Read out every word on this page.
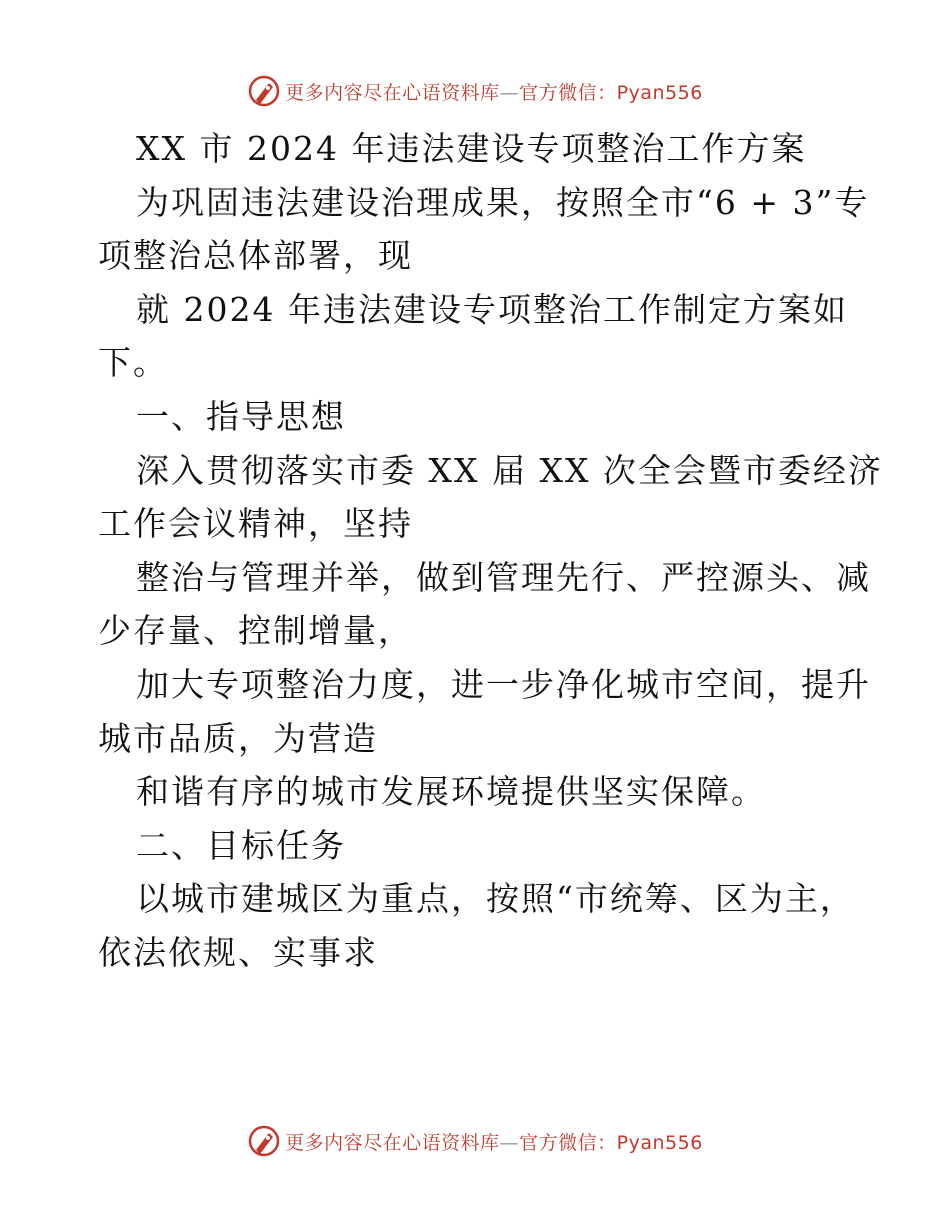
更多内容尽在心语资料库—官方微信：Pyan556
XX 市 2024 年违法建设专项整治工作方案
为巩固违法建设治理成果，按照全市“6 + 3”专
项整治总体部署，现
就 2024 年违法建设专项整治工作制定方案如
下。
一、指导思想
深入贯彻落实市委 XX 届 XX 次全会暨市委经济
工作会议精神，坚持
整治与管理并举，做到管理先行、严控源头、减
少存量、控制增量，
加大专项整治力度，进一步净化城市空间，提升
城市品质，为营造
和谐有序的城市发展环境提供坚实保障。
二、目标任务
以城市建城区为重点，按照“市统筹、区为主，
依法依规、实事求
更多内容尽在心语资料库—官方微信：Pyan556
